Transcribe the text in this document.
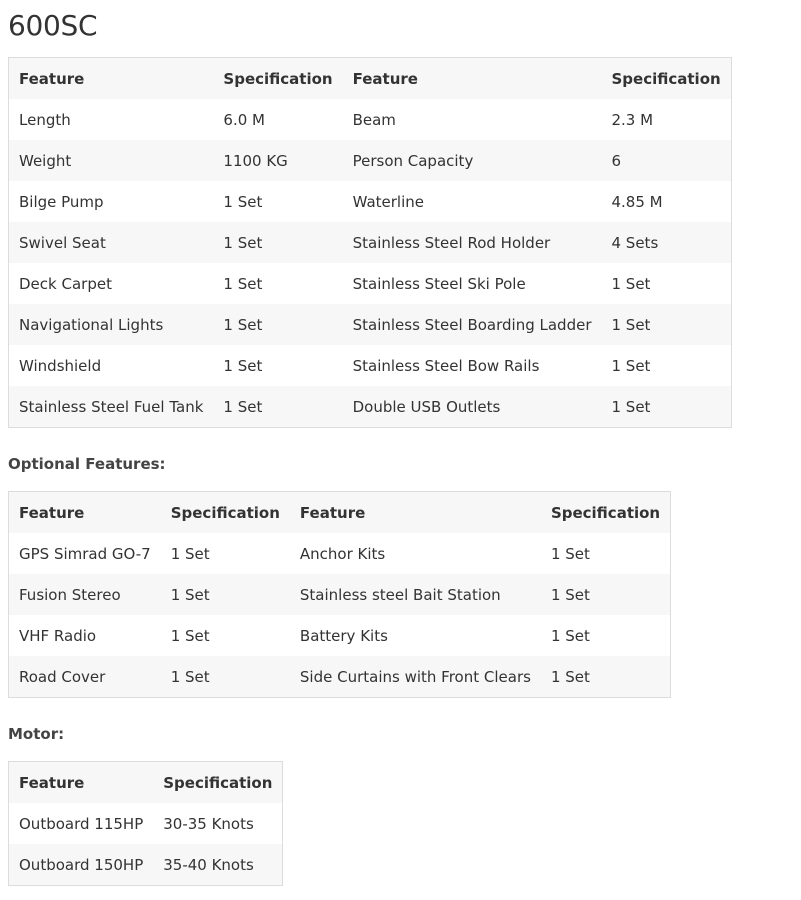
600SC
Feature	Specification	Feature	Specification
Length	6.0 M	Beam	2.3 M
Weight	1100 KG	Person Capacity	6
Bilge Pump	1 Set	Waterline	4.85 M
Swivel Seat	1 Set	Stainless Steel Rod Holder	4 Sets
Deck Carpet	1 Set	Stainless Steel Ski Pole	1 Set
Navigational Lights	1 Set	Stainless Steel Boarding Ladder	1 Set
Windshield	1 Set	Stainless Steel Bow Rails	1 Set
Stainless Steel Fuel Tank	1 Set	Double USB Outlets	1 Set
Optional Features:
Feature	Specification	Feature	Specification
GPS Simrad GO-7	1 Set	Anchor Kits	1 Set
Fusion Stereo	1 Set	Stainless steel Bait Station	1 Set
VHF Radio	1 Set	Battery Kits	1 Set
Road Cover	1 Set	Side Curtains with Front Clears	1 Set
Motor:
Feature	Specification
Outboard 115HP	30-35 Knots
Outboard 150HP	35-40 Knots
